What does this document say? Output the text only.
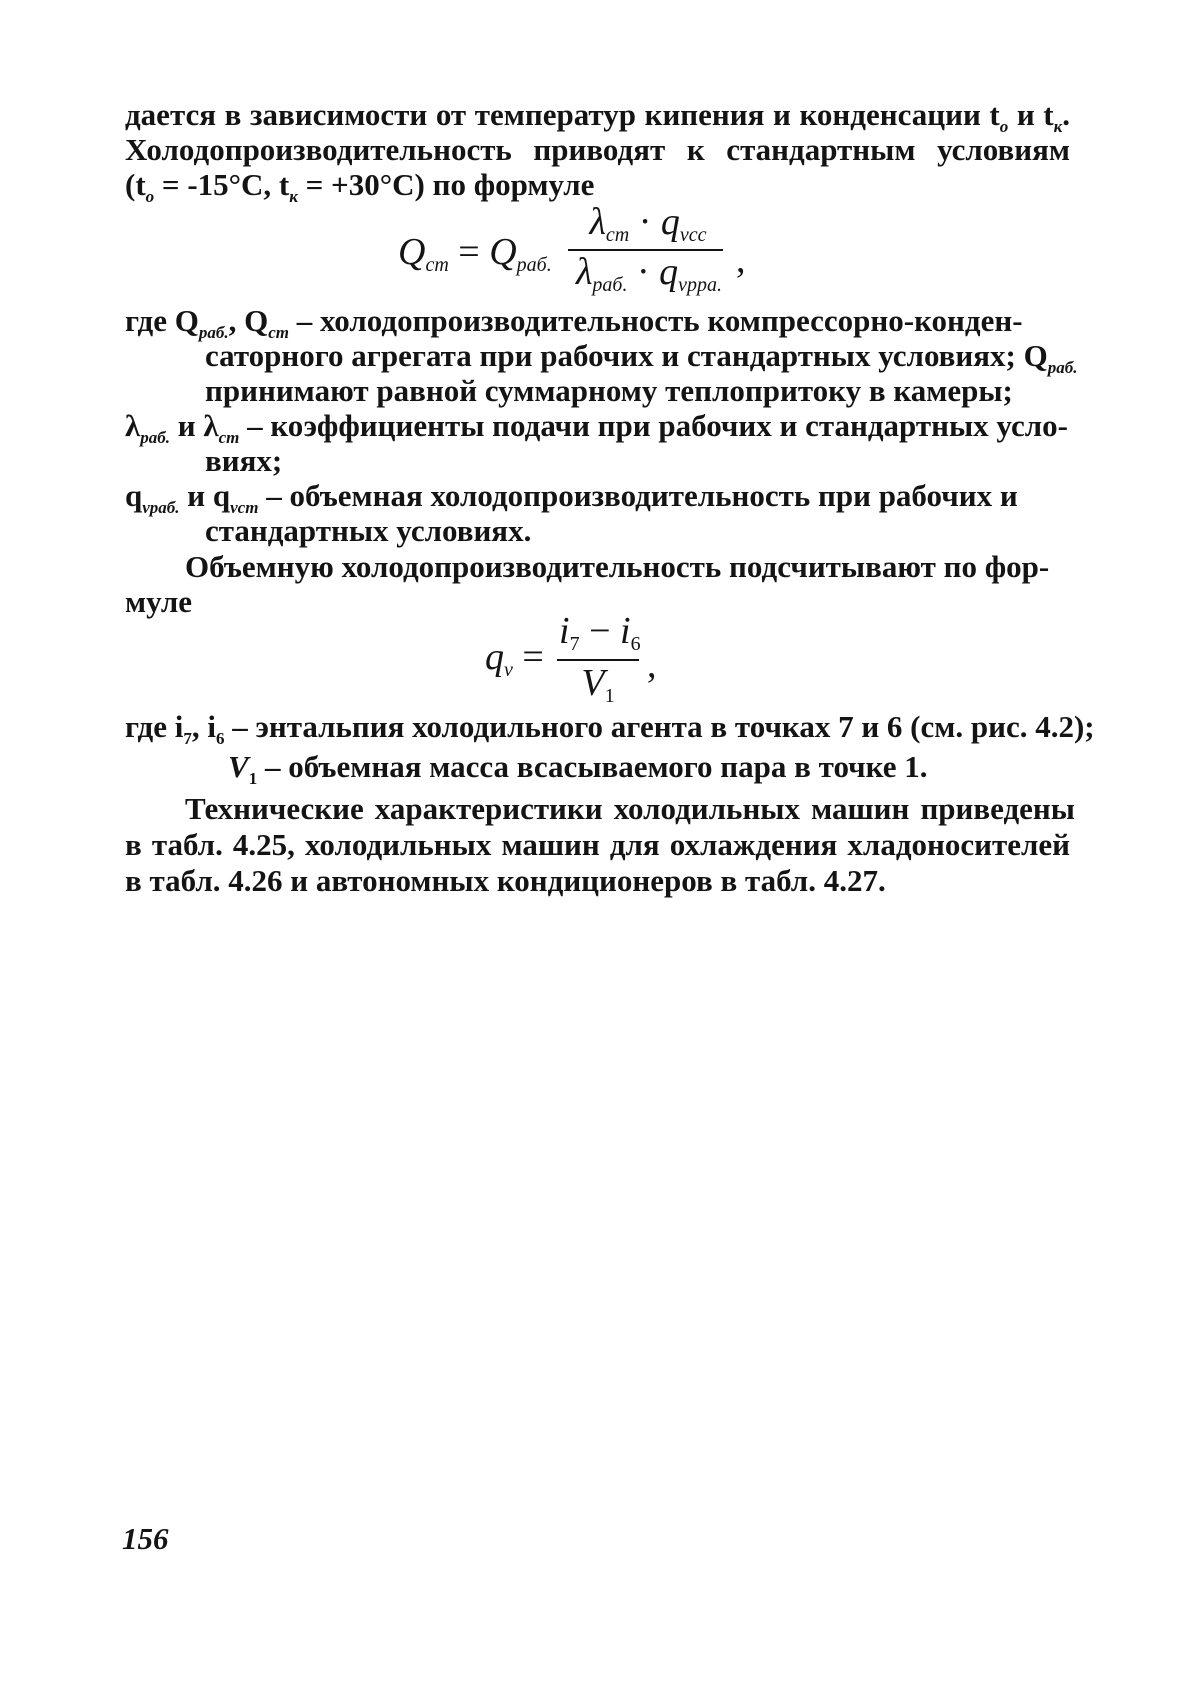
дается в зависимости от температур кипения и конденсации $t_о$ и $t_к$.
Холодопроизводительность приводят к стандартным условиям
($t_о = -15^\circ C$, $t_к = +30^\circ C$) по формуле
$Q_{ст} = Q_{раб.}$
$\lambda_{ст} \cdot q_{vcc}$
$\lambda_{раб.} \cdot q_{vрpa.}$
,
где $Q_{раб.}$, $Q_{ст}$ – холодопроизводительность компрессорно-конден-
саторного агрегата при рабочих и стандартных условиях; $Q_{раб.}$
принимают равной суммарному теплопритоку в камеры;
$\lambda_{раб.}$ и $\lambda_{ст}$ – коэффициенты подачи при рабочих и стандартных усло-
виях;
$q_{vраб.}$ и $q_{vст}$ – объемная холодопроизводительность при рабочих и
стандартных условиях.
Объемную холодопроизводительность подсчитывают по фор-
муле
$q_v$ =
$i_7 - i_6$
$V_1$
,
где $i_7$, $i_6$ – энтальпия холодильного агента в точках 7 и 6 (см. рис. 4.2);
$V_1$ – объемная масса всасываемого пара в точке 1.
Технические характеристики холодильных машин приведены
в табл. 4.25, холодильных машин для охлаждения хладоносителей
в табл. 4.26 и автономных кондиционеров в табл. 4.27.
156
